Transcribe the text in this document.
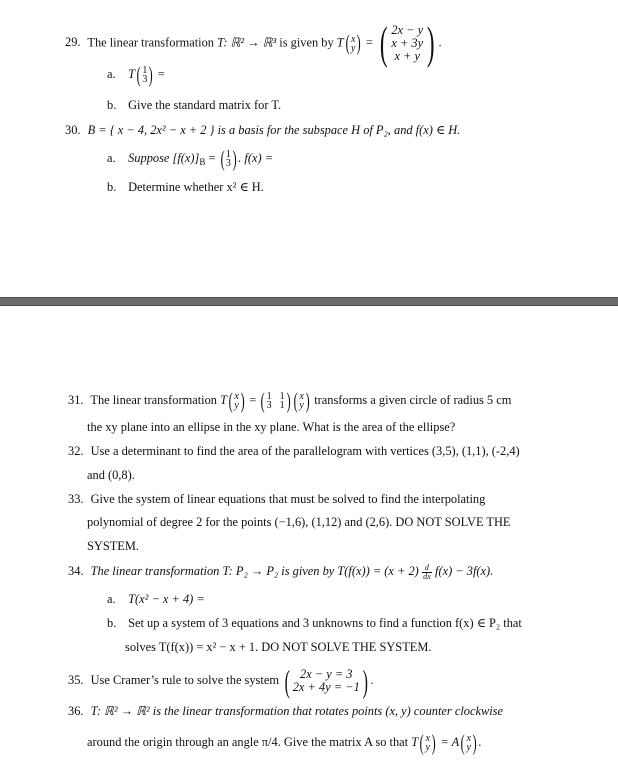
29. The linear transformation T: ℝ² → ℝ³ is given by T( x
y ) = ( 2x − y
x + 3y
x + y ) .
a. T( 1
3 ) =
b. Give the standard matrix for T.
30. B = { x − 4, 2x² − x + 2 } is a basis for the subspace H of P₂, and f(x) ∈ H.
a. Suppose $[f(x)]_B$ = ( 1
3 ) . f(x) =
b. Determine whether x² ∈ H.
31. The linear transformation T( x
y ) = ( 1 1
3 1 ) ( x
y ) transforms a given circle of radius 5 cm
the xy plane into an ellipse in the xy plane. What is the area of the ellipse?
32. Use a determinant to find the area of the parallelogram with vertices (3,5), (1,1), (-2,4)
and (0,8).
33. Give the system of linear equations that must be solved to find the interpolating
polynomial of degree 2 for the points (−1,6), (1,12) and (2,6). DO NOT SOLVE THE
SYSTEM.
34. The linear transformation T: P₂ → P₂ is given by $T(f(x)) = (x + 2) \frac{d}{dx} f(x) - 3f(x)$.
a. T(x² − x + 4) =
b. Set up a system of 3 equations and 3 unknowns to find a function f(x) ∈ P₂ that
solves T(f(x)) = x² − x + 1. DO NOT SOLVE THE SYSTEM.
35. Use Cramer’s rule to solve the system ( 2x − y = 3
2x + 4y = −1 ) .
36. T: ℝ² → ℝ² is the linear transformation that rotates points (x, y) counter clockwise
around the origin through an angle π/4. Give the matrix A so that T( x
y ) = A( x
y ) .
